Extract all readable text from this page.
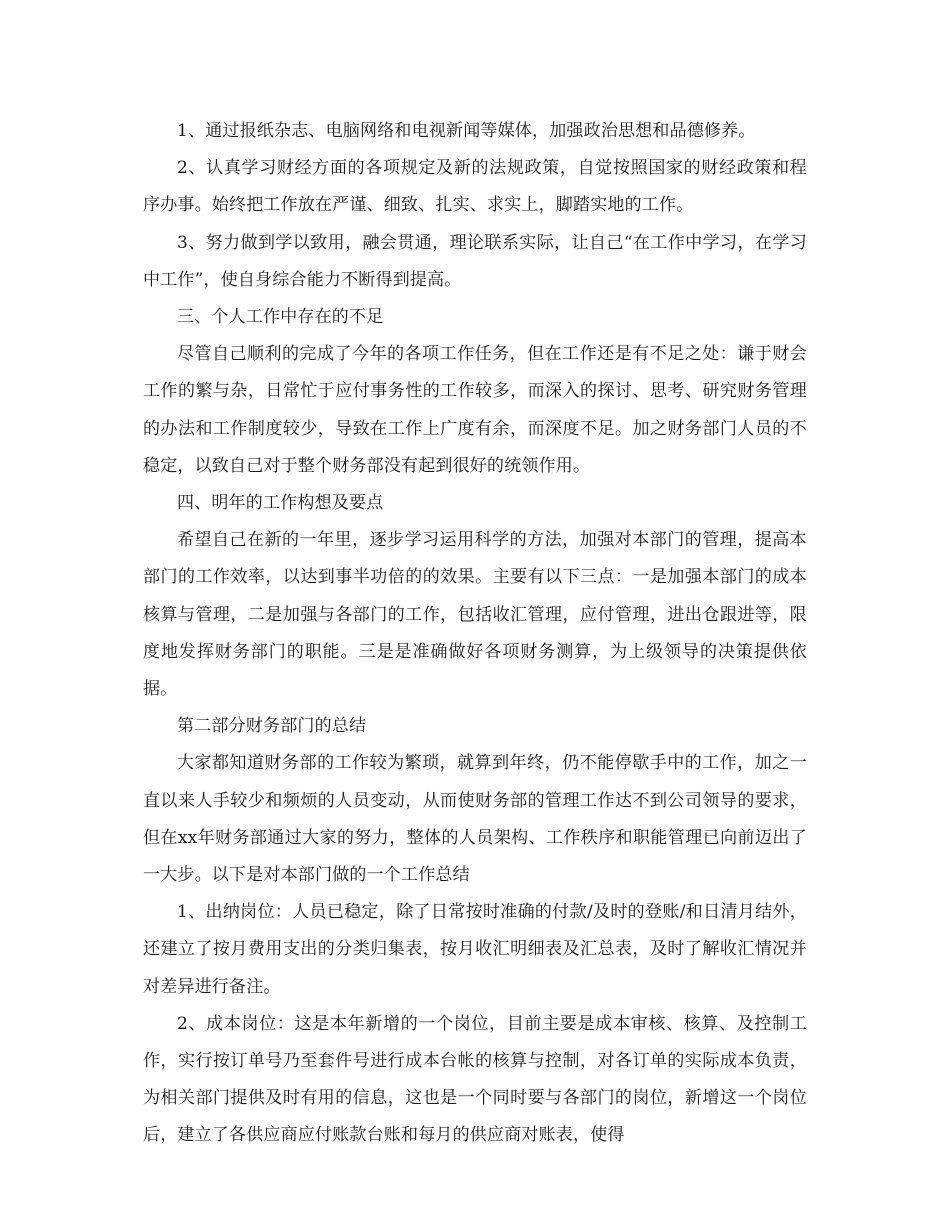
1、通过报纸杂志、电脑网络和电视新闻等媒体，加强政治思想和品德修养。

2、认真学习财经方面的各项规定及新的法规政策，自觉按照国家的财经政策和程序办事。始终把工作放在严谨、细致、扎实、求实上，脚踏实地的工作。

3、努力做到学以致用，融会贯通，理论联系实际，让自己“在工作中学习，在学习中工作”，使自身综合能力不断得到提高。

三、个人工作中存在的不足

尽管自己顺利的完成了今年的各项工作任务，但在工作还是有不足之处：谦于财会工作的繁与杂，日常忙于应付事务性的工作较多，而深入的探讨、思考、研究财务管理的办法和工作制度较少，导致在工作上广度有余，而深度不足。加之财务部门人员的不稳定，以致自己对于整个财务部没有起到很好的统领作用。

四、明年的工作构想及要点

希望自己在新的一年里，逐步学习运用科学的方法，加强对本部门的管理，提高本部门的工作效率，以达到事半功倍的的效果。主要有以下三点：一是加强本部门的成本核算与管理，二是加强与各部门的工作，包括收汇管理，应付管理，进出仓跟进等，限度地发挥财务部门的职能。三是是准确做好各项财务测算，为上级领导的决策提供依据。

第二部分财务部门的总结

大家都知道财务部的工作较为繁琐，就算到年终，仍不能停歇手中的工作，加之一直以来人手较少和频烦的人员变动，从而使财务部的管理工作达不到公司领导的要求，但在xx年财务部通过大家的努力，整体的人员架构、工作秩序和职能管理已向前迈出了一大步。以下是对本部门做的一个工作总结

1、出纳岗位：人员已稳定，除了日常按时准确的付款/及时的登账/和日清月结外，还建立了按月费用支出的分类归集表，按月收汇明细表及汇总表，及时了解收汇情况并对差异进行备注。

2、成本岗位：这是本年新增的一个岗位，目前主要是成本审核、核算、及控制工作，实行按订单号乃至套件号进行成本台帐的核算与控制，对各订单的实际成本负责，为相关部门提供及时有用的信息，这也是一个同时要与各部门的岗位，新增这一个岗位后，建立了各供应商应付账款台账和每月的供应商对账表，使得
